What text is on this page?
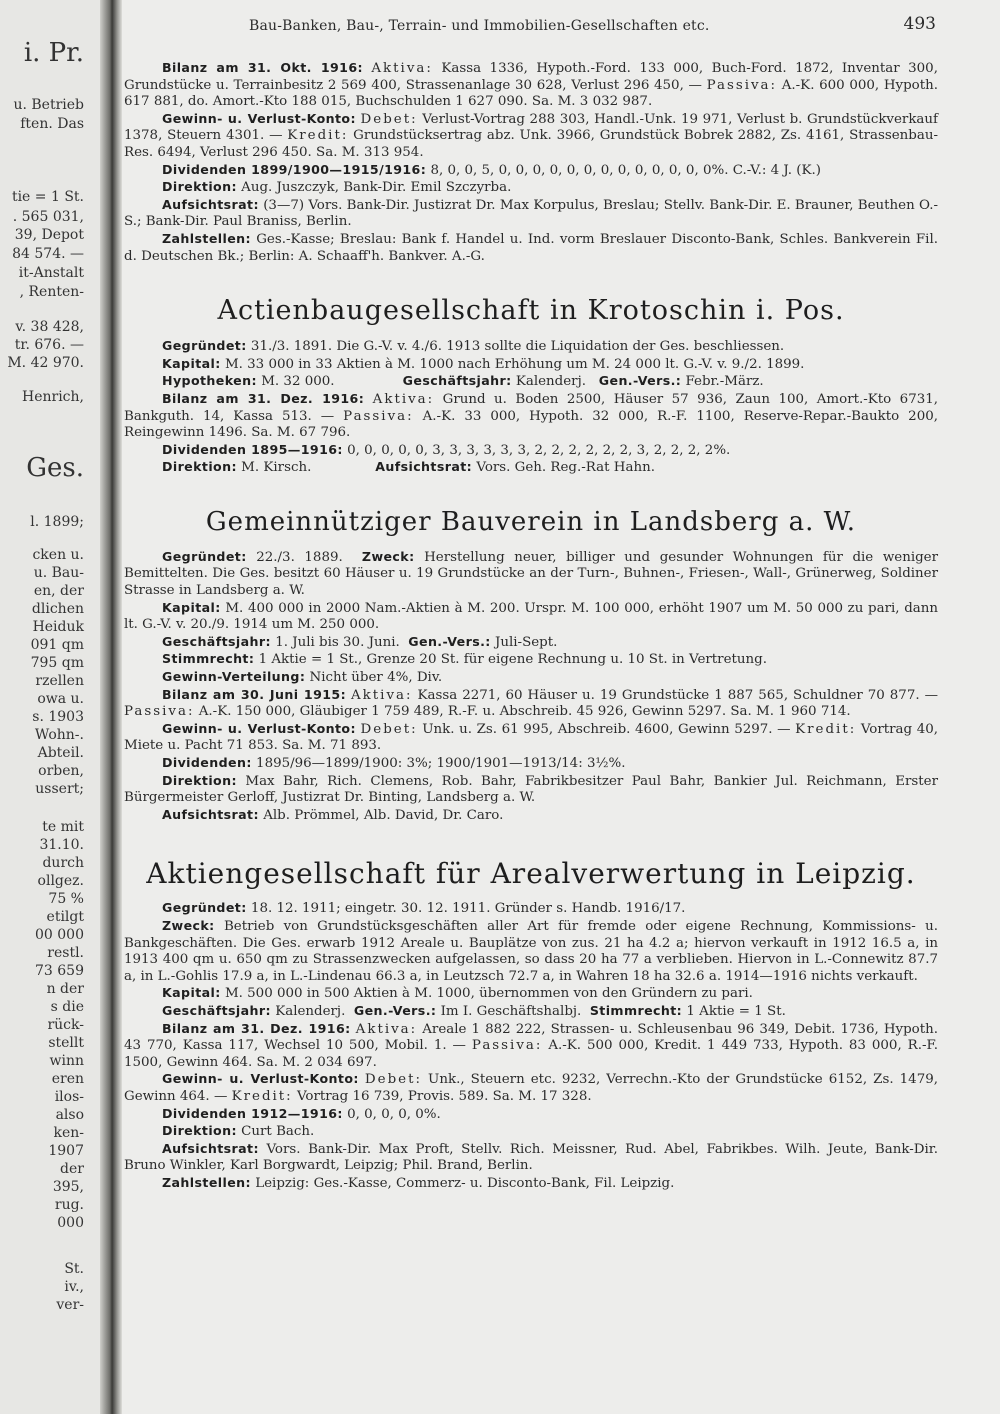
i. Pr.
u. Betrieb
ften. Das
tie = 1 St.
. 565 031,
39, Depot
84 574. —
it-Anstalt
, Renten-
v. 38 428,
tr. 676. —
M. 42 970.
Henrich,
Ges.
l. 1899;
cken u.
u. Bau-
en, der
dlichen
Heiduk
091 qm
795 qm
rzellen
owa u.
s. 1903
Wohn-.
Abteil.
orben,
ussert;
te mit
31.10.
durch
ollgez.
75 %
etilgt
00 000
restl.
73 659
n der
s die
rück-
stellt
winn
eren
ilos-
also
ken-
1907
der
395,
rug.
000
St.
iv.,
ver-
Bau-Banken, Bau-, Terrain- und Immobilien-Gesellschaften etc.	493

Bilanz am 31. Okt. 1916: Aktiva: Kassa 1336, Hypoth.-Ford. 133 000, Buch-Ford. 1872, Inventar 300, Grundstücke u. Terrainbesitz 2 569 400, Strassenanlage 30 628, Verlust 296 450, — Passiva: A.-K. 600 000, Hypoth. 617 881, do. Amort.-Kto 188 015, Buchschulden 1 627 090. Sa. M. 3 032 987.

Gewinn- u. Verlust-Konto: Debet: Verlust-Vortrag 288 303, Handl.-Unk. 19 971, Verlust b. Grundstückverkauf 1378, Steuern 4301. — Kredit: Grundstücksertrag abz. Unk. 3966, Grundstück Bobrek 2882, Zs. 4161, Strassenbau-Res. 6494, Verlust 296 450. Sa. M. 313 954.

Dividenden 1899/1900—1915/1916: 8, 0, 0, 5, 0, 0, 0, 0, 0, 0, 0, 0, 0, 0, 0, 0, 0%. C.-V.: 4 J. (K.)

Direktion: Aug. Juszczyk, Bank-Dir. Emil Szczyrba.

Aufsichtsrat: (3—7) Vors. Bank-Dir. Justizrat Dr. Max Korpulus, Breslau; Stellv. Bank-Dir. E. Brauner, Beuthen O.-S.; Bank-Dir. Paul Braniss, Berlin.

Zahlstellen: Ges.-Kasse; Breslau: Bank f. Handel u. Ind. vorm Breslauer Disconto-Bank, Schles. Bankverein Fil. d. Deutschen Bk.; Berlin: A. Schaaff'h. Bankver. A.-G.

Actienbaugesellschaft in Krotoschin i. Pos.

Gegründet: 31./3. 1891. Die G.-V. v. 4./6. 1913 sollte die Liquidation der Ges. beschliessen.

Kapital: M. 33 000 in 33 Aktien à M. 1000 nach Erhöhung um M. 24 000 lt. G.-V. v. 9./2. 1899.

Hypotheken: M. 32 000.	Geschäftsjahr: Kalenderj. Gen.-Vers.: Febr.-März.

Bilanz am 31. Dez. 1916: Aktiva: Grund u. Boden 2500, Häuser 57 936, Zaun 100, Amort.-Kto 6731, Bankguth. 14, Kassa 513. — Passiva: A.-K. 33 000, Hypoth. 32 000, R.-F. 1100, Reserve-Repar.-Baukto 200, Reingewinn 1496. Sa. M. 67 796.

Dividenden 1895—1916: 0, 0, 0, 0, 0, 3, 3, 3, 3, 3, 3, 2, 2, 2, 2, 2, 2, 3, 2, 2, 2, 2%.

Direktion: M. Kirsch.	Aufsichtsrat: Vors. Geh. Reg.-Rat Hahn.

Gemeinnütziger Bauverein in Landsberg a. W.

Gegründet: 22./3. 1889. Zweck: Herstellung neuer, billiger und gesunder Wohnungen für die weniger Bemittelten. Die Ges. besitzt 60 Häuser u. 19 Grundstücke an der Turn-, Buhnen-, Friesen-, Wall-, Grünerweg, Soldiner Strasse in Landsberg a. W.

Kapital: M. 400 000 in 2000 Nam.-Aktien à M. 200. Urspr. M. 100 000, erhöht 1907 um M. 50 000 zu pari, dann lt. G.-V. v. 20./9. 1914 um M. 250 000.

Geschäftsjahr: 1. Juli bis 30. Juni. Gen.-Vers.: Juli-Sept.

Stimmrecht: 1 Aktie = 1 St., Grenze 20 St. für eigene Rechnung u. 10 St. in Vertretung.

Gewinn-Verteilung: Nicht über 4%, Div.

Bilanz am 30. Juni 1915: Aktiva: Kassa 2271, 60 Häuser u. 19 Grundstücke 1 887 565, Schuldner 70 877. — Passiva: A.-K. 150 000, Gläubiger 1 759 489, R.-F. u. Abschreib. 45 926, Gewinn 5297. Sa. M. 1 960 714.

Gewinn- u. Verlust-Konto: Debet: Unk. u. Zs. 61 995, Abschreib. 4600, Gewinn 5297. — Kredit: Vortrag 40, Miete u. Pacht 71 853. Sa. M. 71 893.

Dividenden: 1895/96—1899/1900: 3%; 1900/1901—1913/14: 3½%.

Direktion: Max Bahr, Rich. Clemens, Rob. Bahr, Fabrikbesitzer Paul Bahr, Bankier Jul. Reichmann, Erster Bürgermeister Gerloff, Justizrat Dr. Binting, Landsberg a. W.

Aufsichtsrat: Alb. Prömmel, Alb. David, Dr. Caro.

Aktiengesellschaft für Arealverwertung in Leipzig.

Gegründet: 18. 12. 1911; eingetr. 30. 12. 1911. Gründer s. Handb. 1916/17.

Zweck: Betrieb von Grundstücksgeschäften aller Art für fremde oder eigene Rechnung, Kommissions- u. Bankgeschäften. Die Ges. erwarb 1912 Areale u. Bauplätze von zus. 21 ha 4.2 a; hiervon verkauft in 1912 16.5 a, in 1913 400 qm u. 650 qm zu Strassenzwecken aufgelassen, so dass 20 ha 77 a verblieben. Hiervon in L.-Connewitz 87.7 a, in L.-Gohlis 17.9 a, in L.-Lindenau 66.3 a, in Leutzsch 72.7 a, in Wahren 18 ha 32.6 a. 1914—1916 nichts verkauft.

Kapital: M. 500 000 in 500 Aktien à M. 1000, übernommen von den Gründern zu pari.

Geschäftsjahr: Kalenderj. Gen.-Vers.: Im I. Geschäftshalbj. Stimmrecht: 1 Aktie = 1 St.

Bilanz am 31. Dez. 1916: Aktiva: Areale 1 882 222, Strassen- u. Schleusenbau 96 349, Debit. 1736, Hypoth. 43 770, Kassa 117, Wechsel 10 500, Mobil. 1. — Passiva: A.-K. 500 000, Kredit. 1 449 733, Hypoth. 83 000, R.-F. 1500, Gewinn 464. Sa. M. 2 034 697.

Gewinn- u. Verlust-Konto: Debet: Unk., Steuern etc. 9232, Verrechn.-Kto der Grundstücke 6152, Zs. 1479, Gewinn 464. — Kredit: Vortrag 16 739, Provis. 589. Sa. M. 17 328.

Dividenden 1912—1916: 0, 0, 0, 0, 0%.

Direktion: Curt Bach.

Aufsichtsrat: Vors. Bank-Dir. Max Proft, Stellv. Rich. Meissner, Rud. Abel, Fabrikbes. Wilh. Jeute, Bank-Dir. Bruno Winkler, Karl Borgwardt, Leipzig; Phil. Brand, Berlin.

Zahlstellen: Leipzig: Ges.-Kasse, Commerz- u. Disconto-Bank, Fil. Leipzig.
